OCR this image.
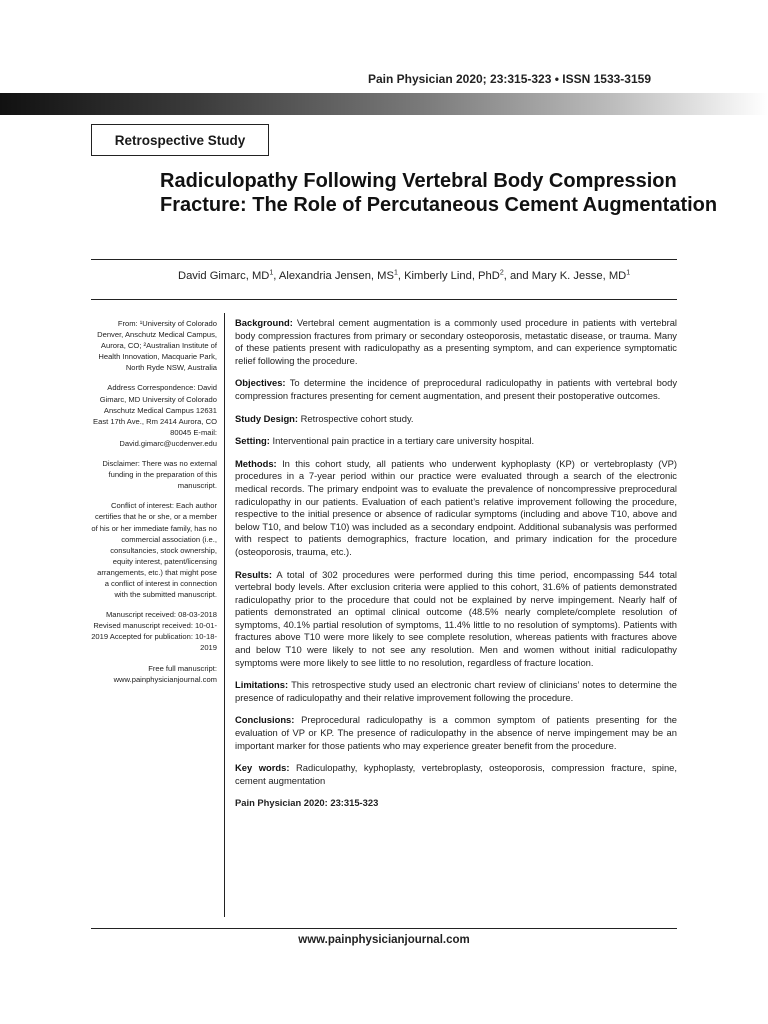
Pain Physician 2020; 23:315-323 • ISSN 1533-3159
Retrospective Study
Radiculopathy Following Vertebral Body Compression Fracture: The Role of Percutaneous Cement Augmentation
David Gimarc, $MD^1$, Alexandria Jensen, $MS^1$, Kimberly Lind, PhD$^2$, and Mary K. Jesse, $MD^1$

From: ¹University of Colorado Denver, Anschutz Medical Campus, Aurora, CO; ²Australian Institute of Health Innovation, Macquarie Park, North Ryde NSW, Australia

Address Correspondence: David Gimarc, MD University of Colorado Anschutz Medical Campus 12631 East 17th Ave., Rm 2414 Aurora, CO 80045 E-mail: David.gimarc@ucdenver.edu

Disclaimer: There was no external funding in the preparation of this manuscript.

Conflict of interest: Each author certifies that he or she, or a member of his or her immediate family, has no commercial association (i.e., consultancies, stock ownership, equity interest, patent/licensing arrangements, etc.) that might pose a conflict of interest in connection with the submitted manuscript.

Manuscript received: 08-03-2018 Revised manuscript received: 10-01-2019 Accepted for publication: 10-18-2019

Free full manuscript: www.painphysicianjournal.com

Background: Vertebral cement augmentation is a commonly used procedure in patients with vertebral body compression fractures from primary or secondary osteoporosis, metastatic disease, or trauma. Many of these patients present with radiculopathy as a presenting symptom, and can experience symptomatic relief following the procedure.

Objectives: To determine the incidence of preprocedural radiculopathy in patients with vertebral body compression fractures presenting for cement augmentation, and present their postoperative outcomes.

Study Design: Retrospective cohort study.

Setting: Interventional pain practice in a tertiary care university hospital.

Methods: In this cohort study, all patients who underwent kyphoplasty (KP) or vertebroplasty (VP) procedures in a 7-year period within our practice were evaluated through a search of the electronic medical records. The primary endpoint was to evaluate the prevalence of noncompressive preprocedural radiculopathy in our patients. Evaluation of each patient’s relative improvement following the procedure, respective to the initial presence or absence of radicular symptoms (including and above T10, above and below T10, and below T10) was included as a secondary endpoint. Additional subanalysis was performed with respect to patients demographics, fracture location, and primary indication for the procedure (osteoporosis, trauma, etc.).

Results: A total of 302 procedures were performed during this time period, encompassing 544 total vertebral body levels. After exclusion criteria were applied to this cohort, 31.6% of patients demonstrated radiculopathy prior to the procedure that could not be explained by nerve impingement. Nearly half of patients demonstrated an optimal clinical outcome (48.5% nearly complete/complete resolution of symptoms, 40.1% partial resolution of symptoms, 11.4% little to no resolution of symptoms). Patients with fractures above T10 were more likely to see complete resolution, whereas patients with fractures above and below T10 were likely to not see any resolution. Men and women without initial radiculopathy symptoms were more likely to see little to no resolution, regardless of fracture location.

Limitations: This retrospective study used an electronic chart review of clinicians’ notes to determine the presence of radiculopathy and their relative improvement following the procedure.

Conclusions: Preprocedural radiculopathy is a common symptom of patients presenting for the evaluation of VP or KP. The presence of radiculopathy in the absence of nerve impingement may be an important marker for those patients who may experience greater benefit from the procedure.

Key words: Radiculopathy, kyphoplasty, vertebroplasty, osteoporosis, compression fracture, spine, cement augmentation

Pain Physician 2020: 23:315-323

www.painphysicianjournal.com
